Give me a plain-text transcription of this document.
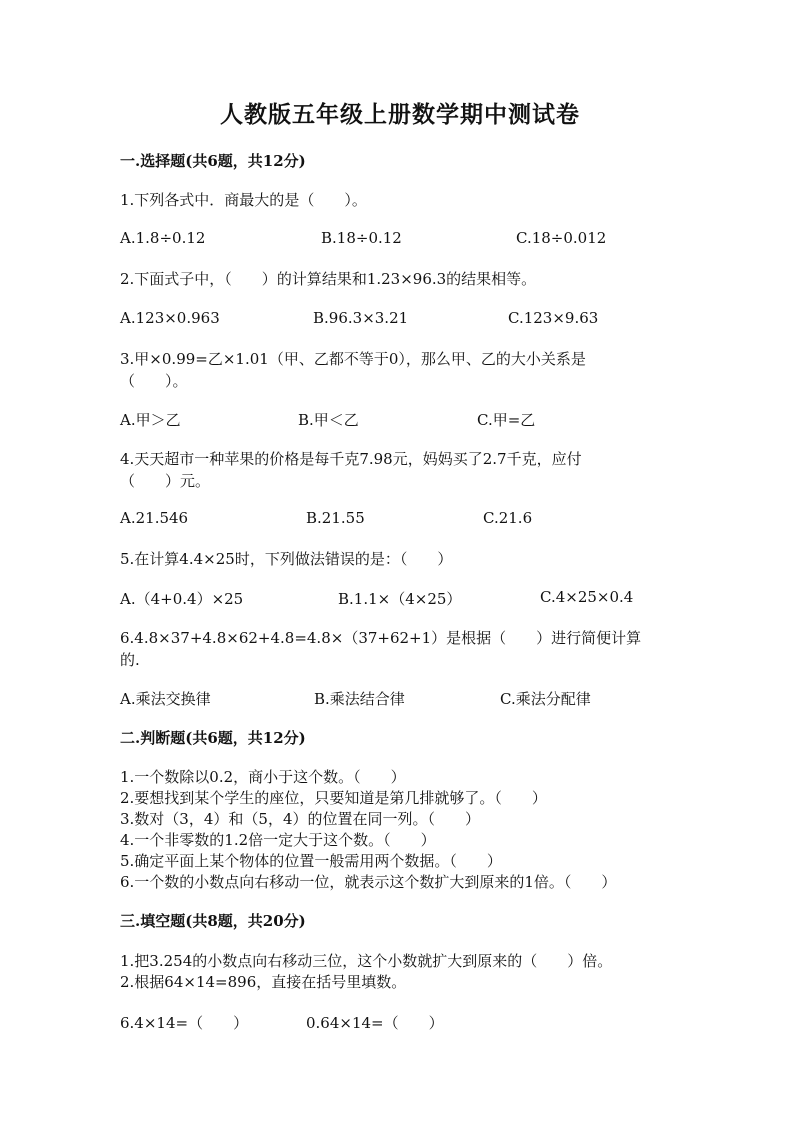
人教版五年级上册数学期中测试卷
一.选择题(共6题，共12分)
1.下列各式中．商最大的是（　　）。
A.1.8÷0.12	B.18÷0.12	C.18÷0.012
2.下面式子中，（　　）的计算结果和1.23×96.3的结果相等。
A.123×0.963	B.96.3×3.21	C.123×9.63
3.甲×0.99=乙×1.01（甲、乙都不等于0），那么甲、乙的大小关系是
（　　）。
A.甲＞乙	B.甲＜乙	C.甲=乙
4.天天超市一种苹果的价格是每千克7.98元，妈妈买了2.7千克，应付
（　　）元。
A.21.546	B.21.55	C.21.6
5.在计算4.4×25时，下列做法错误的是：（　　）
A.（4+0.4）×25	B.1.1×（4×25）	C.4×25×0.4
6.4.8×37+4.8×62+4.8=4.8×（37+62+1）是根据（　　）进行简便计算
的.
A.乘法交换律	B.乘法结合律	C.乘法分配律
二.判断题(共6题，共12分)
1.一个数除以0.2，商小于这个数。（　　）
2.要想找到某个学生的座位，只要知道是第几排就够了。（　　）
3.数对（3，4）和（5，4）的位置在同一列。（　　）
4.一个非零数的1.2倍一定大于这个数。（　　）
5.确定平面上某个物体的位置一般需用两个数据。（　　）
6.一个数的小数点向右移动一位，就表示这个数扩大到原来的1倍。（　　）
三.填空题(共8题，共20分)
1.把3.254的小数点向右移动三位，这个小数就扩大到原来的（　　）倍。
2.根据64×14=896，直接在括号里填数。
6.4×14=（　　）	0.64×14=（　　）
